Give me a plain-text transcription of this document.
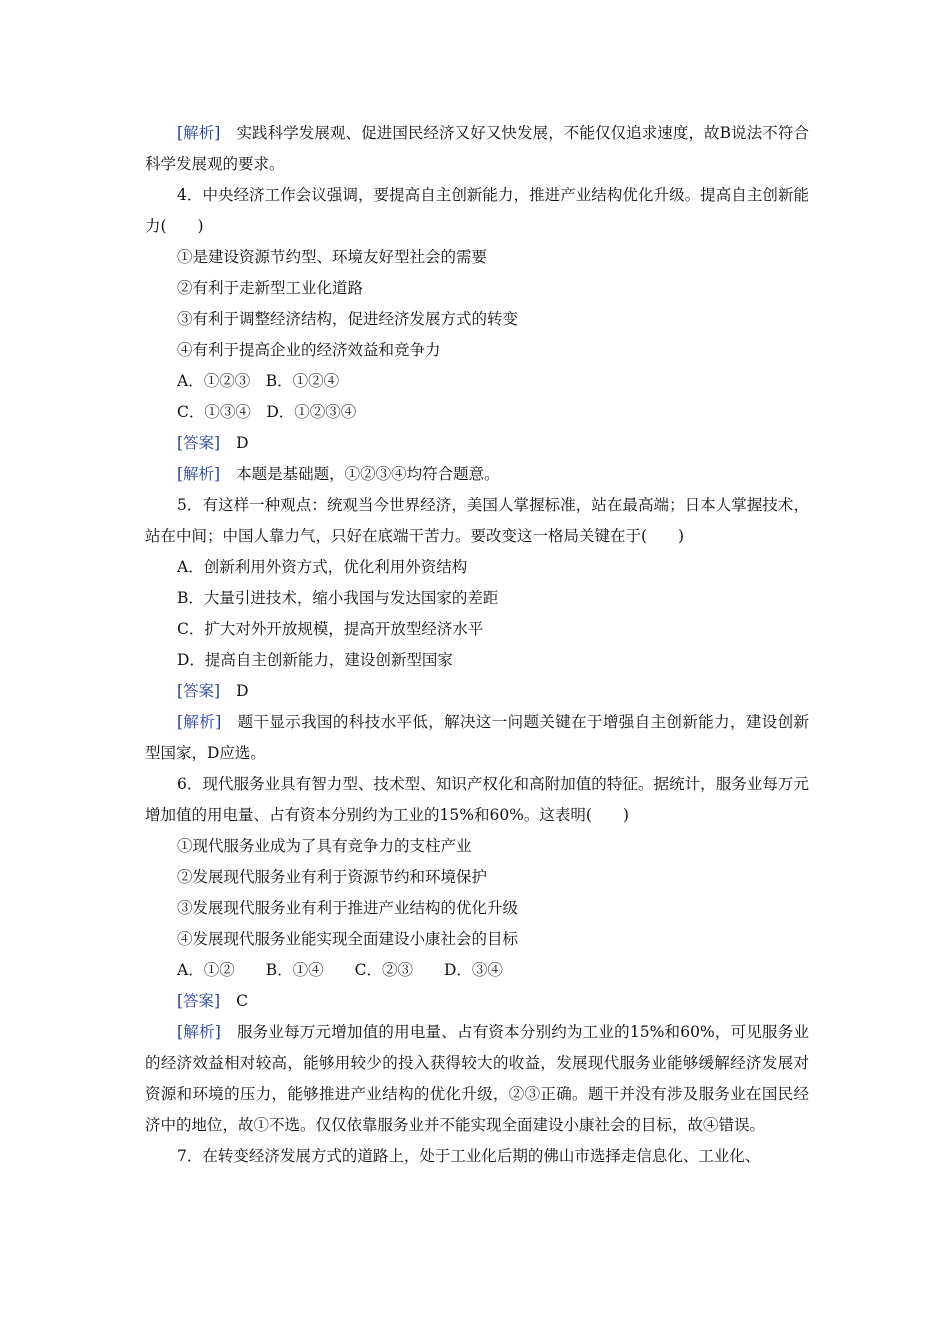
[解析] 实践科学发展观、促进国民经济又好又快发展，不能仅仅追求速度，故B说法不符合科学发展观的要求。

4．中央经济工作会议强调，要提高自主创新能力，推进产业结构优化升级。提高自主创新能力(　　)

①是建设资源节约型、环境友好型社会的需要

②有利于走新型工业化道路

③有利于调整经济结构，促进经济发展方式的转变

④有利于提高企业的经济效益和竞争力

A．①②③　B．①②④

C．①③④　D．①②③④

[答案] D

[解析] 本题是基础题，①②③④均符合题意。

5．有这样一种观点：统观当今世界经济，美国人掌握标准，站在最高端；日本人掌握技术，站在中间；中国人靠力气，只好在底端干苦力。要改变这一格局关键在于(　　)

A．创新利用外资方式，优化利用外资结构

B．大量引进技术，缩小我国与发达国家的差距

C．扩大对外开放规模，提高开放型经济水平

D．提高自主创新能力，建设创新型国家

[答案] D

[解析] 题干显示我国的科技水平低，解决这一问题关键在于增强自主创新能力，建设创新型国家，D应选。

6．现代服务业具有智力型、技术型、知识产权化和高附加值的特征。据统计，服务业每万元增加值的用电量、占有资本分别约为工业的15%和60%。这表明(　　)

①现代服务业成为了具有竞争力的支柱产业

②发展现代服务业有利于资源节约和环境保护

③发展现代服务业有利于推进产业结构的优化升级

④发展现代服务业能实现全面建设小康社会的目标

A．①②　　B．①④　　C．②③　　D．③④

[答案] C

[解析] 服务业每万元增加值的用电量、占有资本分别约为工业的15%和60%，可见服务业的经济效益相对较高，能够用较少的投入获得较大的收益，发展现代服务业能够缓解经济发展对资源和环境的压力，能够推进产业结构的优化升级，②③正确。题干并没有涉及服务业在国民经济中的地位，故①不选。仅仅依靠服务业并不能实现全面建设小康社会的目标，故④错误。

7．在转变经济发展方式的道路上，处于工业化后期的佛山市选择走信息化、工业化、
